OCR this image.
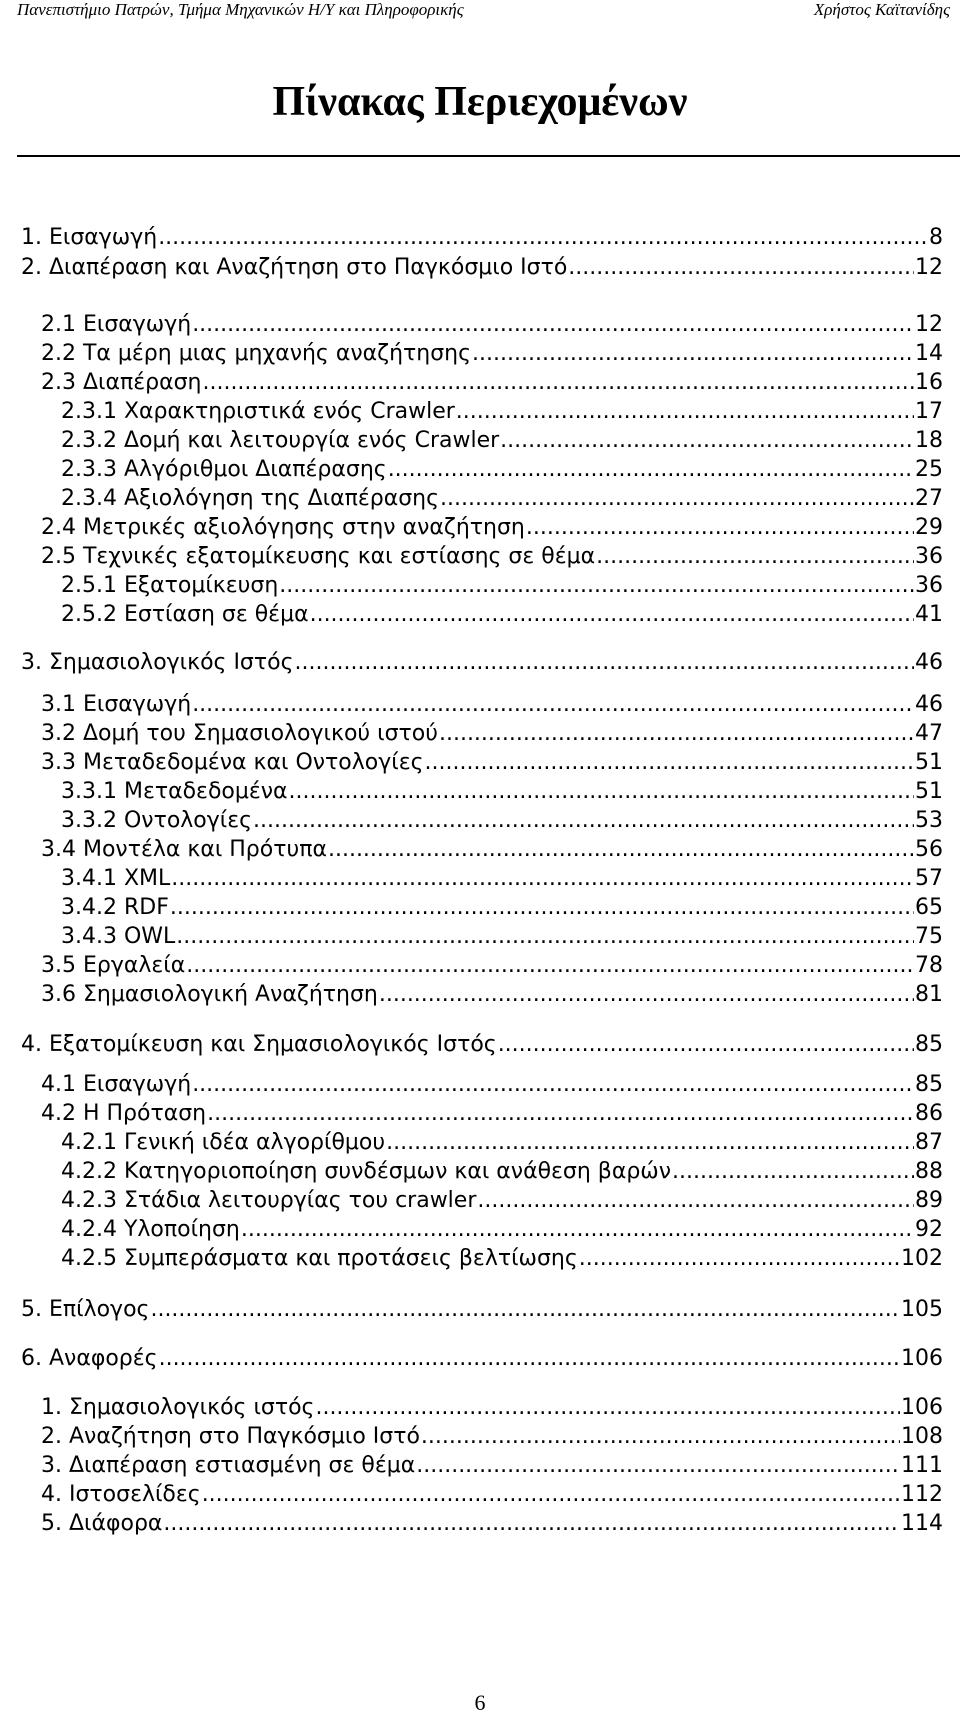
Πανεπιστήμιο Πατρών, Τμήμα Μηχανικών Η/Υ και Πληροφορικής	Χρήστος Καϊτανίδης
Πίνακας Περιεχομένων
1. Εισαγωγή .....	8
2. Διαπέραση και Αναζήτηση στο Παγκόσμιο Ιστό .....	12
2.1 Εισαγωγή .....	12
2.2 Τα μέρη μιας μηχανής αναζήτησης .....	14
2.3 Διαπέραση .....	16
2.3.1 Χαρακτηριστικά ενός Crawler .....	17
2.3.2 Δομή και λειτουργία ενός Crawler .....	18
2.3.3 Αλγόριθμοι Διαπέρασης .....	25
2.3.4 Αξιολόγηση της Διαπέρασης .....	27
2.4 Μετρικές αξιολόγησης στην αναζήτηση .....	29
2.5 Τεχνικές εξατομίκευσης και εστίασης σε θέμα .....	36
2.5.1 Εξατομίκευση .....	36
2.5.2 Εστίαση σε θέμα .....	41
3. Σημασιολογικός Ιστός .....	46
3.1 Εισαγωγή .....	46
3.2 Δομή του Σημασιολογικού ιστού .....	47
3.3 Μεταδεδομένα και Οντολογίες .....	51
3.3.1 Μεταδεδομένα .....	51
3.3.2 Οντολογίες .....	53
3.4 Μοντέλα και Πρότυπα .....	56
3.4.1 XML .....	57
3.4.2 RDF .....	65
3.4.3 OWL .....	75
3.5 Εργαλεία .....	78
3.6 Σημασιολογική Αναζήτηση .....	81
4. Εξατομίκευση και Σημασιολογικός Ιστός .....	85
4.1 Εισαγωγή .....	85
4.2 Η Πρόταση .....	86
4.2.1 Γενική ιδέα αλγορίθμου .....	87
4.2.2 Κατηγοριοποίηση συνδέσμων και ανάθεση βαρών .....	88
4.2.3 Στάδια λειτουργίας του crawler .....	89
4.2.4 Υλοποίηση .....	92
4.2.5 Συμπεράσματα και προτάσεις βελτίωσης .....	102
5. Επίλογος .....	105
6. Αναφορές .....	106
1. Σημασιολογικός ιστός .....	106
2. Αναζήτηση στο Παγκόσμιο Ιστό .....	108
3. Διαπέραση εστιασμένη σε θέμα .....	111
4. Ιστοσελίδες .....	112
5. Διάφορα .....	114
6
